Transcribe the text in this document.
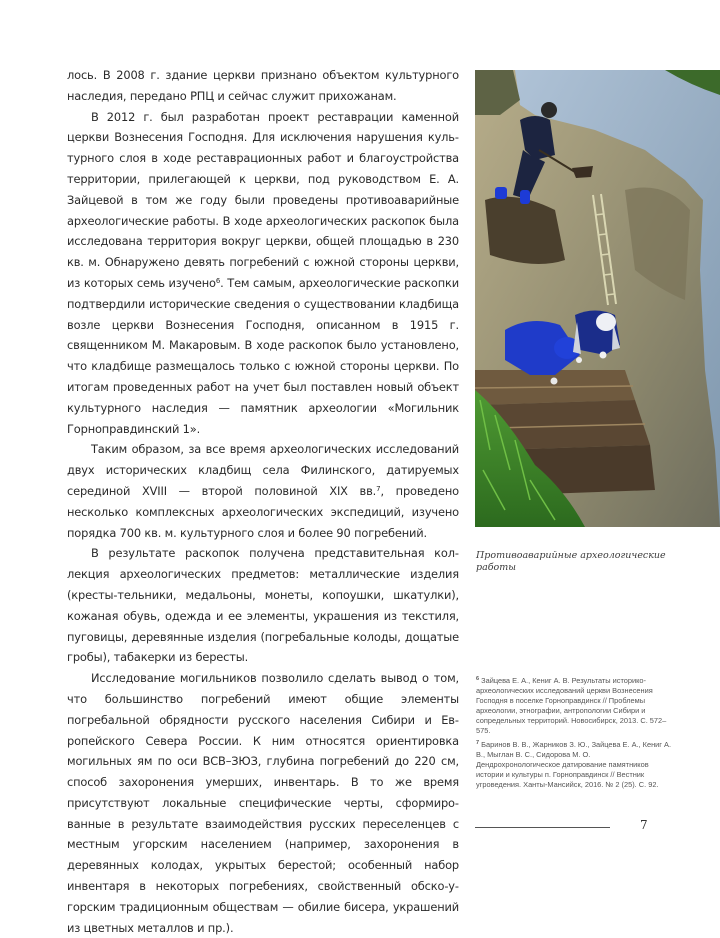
лось. В 2008 г. здание церкви признано объектом культурного наследия, передано РПЦ и сейчас служит прихожанам.

В 2012 г. был разработан проект реставрации каменной церкви Вознесения Господня. Для исключения нарушения культурного слоя в ходе реставрационных работ и благоустройства территории, прилегающей к церкви, под руководством Е. А. Зайцевой в том же году были проведены противоаварийные археологические работы. В ходе археологических раскопок была исследована территория вокруг церкви, общей площадью в 230 кв. м. Обнаружено девять погребений с южной стороны церкви, из которых семь изучено$^6$. Тем самым, археологические раскопки подтвердили исторические сведения о существовании кладбища возле церкви Вознесения Господня, описанном в 1915 г. священником М. Макаровым. В ходе раскопок было установлено, что кладбище размещалось только с южной стороны церкви. По итогам проведенных работ на учет был поставлен новый объект культурного наследия — памятник археологии «Могильник Горноправдинский 1».

Таким образом, за все время археологических исследований двух исторических кладбищ села Филинского, датируемых серединой XVIII — второй половиной XIX вв.$^7$, проведено несколько комплексных археологических экспедиций, изучено порядка 700 кв. м. культурного слоя и более 90 погребений.

В результате раскопок получена представительная коллекция археологических предметов: металлические изделия (кресты-тельники, медальоны, монеты, копоушки, шкатулки), кожаная обувь, одежда и ее элементы, украшения из текстиля, пуговицы, деревянные изделия (погребальные колоды, дощатые гробы), табакерки из бересты.

Исследование могильников позволило сделать вывод о том, что большинство погребений имеют общие элементы погребальной обрядности русского населения Сибири и Европейского Севера России. К ним относятся ориентировка могильных ям по оси ВСВ–ЗЮЗ, глубина погребений до 220 см, способ захоронения умерших, инвентарь. В то же время присутствуют локальные специфические черты, сформированные в результате взаимодействия русских переселенцев с местным угорским населением (например, захоронения в деревянных колодах, укрытых берестой; особенный набор инвентаря в некоторых погребениях, свойственный обско-угорским традиционным обществам — обилие бисера, украшений из цветных металлов и пр.).

Противоаварийные археологические работы

$^6$ Зайцева Е. А., Кениг А. В. Результаты историко-археологических исследований церкви Вознесения Господня в поселке Горноправдинск // Проблемы археологии, этнографии, антропологии Сибири и сопредельных территорий. Новосибирск, 2013. С. 572–575.

$^7$ Баринов В. В., Жарников З. Ю., Зайцева Е. А., Кениг А. В., Мыглан В. С., Сидорова М. О. Дендрохронологическое датирование памятников истории и культуры п. Горноправдинск // Вестник угроведения. Ханты-Мансийск, 2016. № 2 (25). С. 92.

7
